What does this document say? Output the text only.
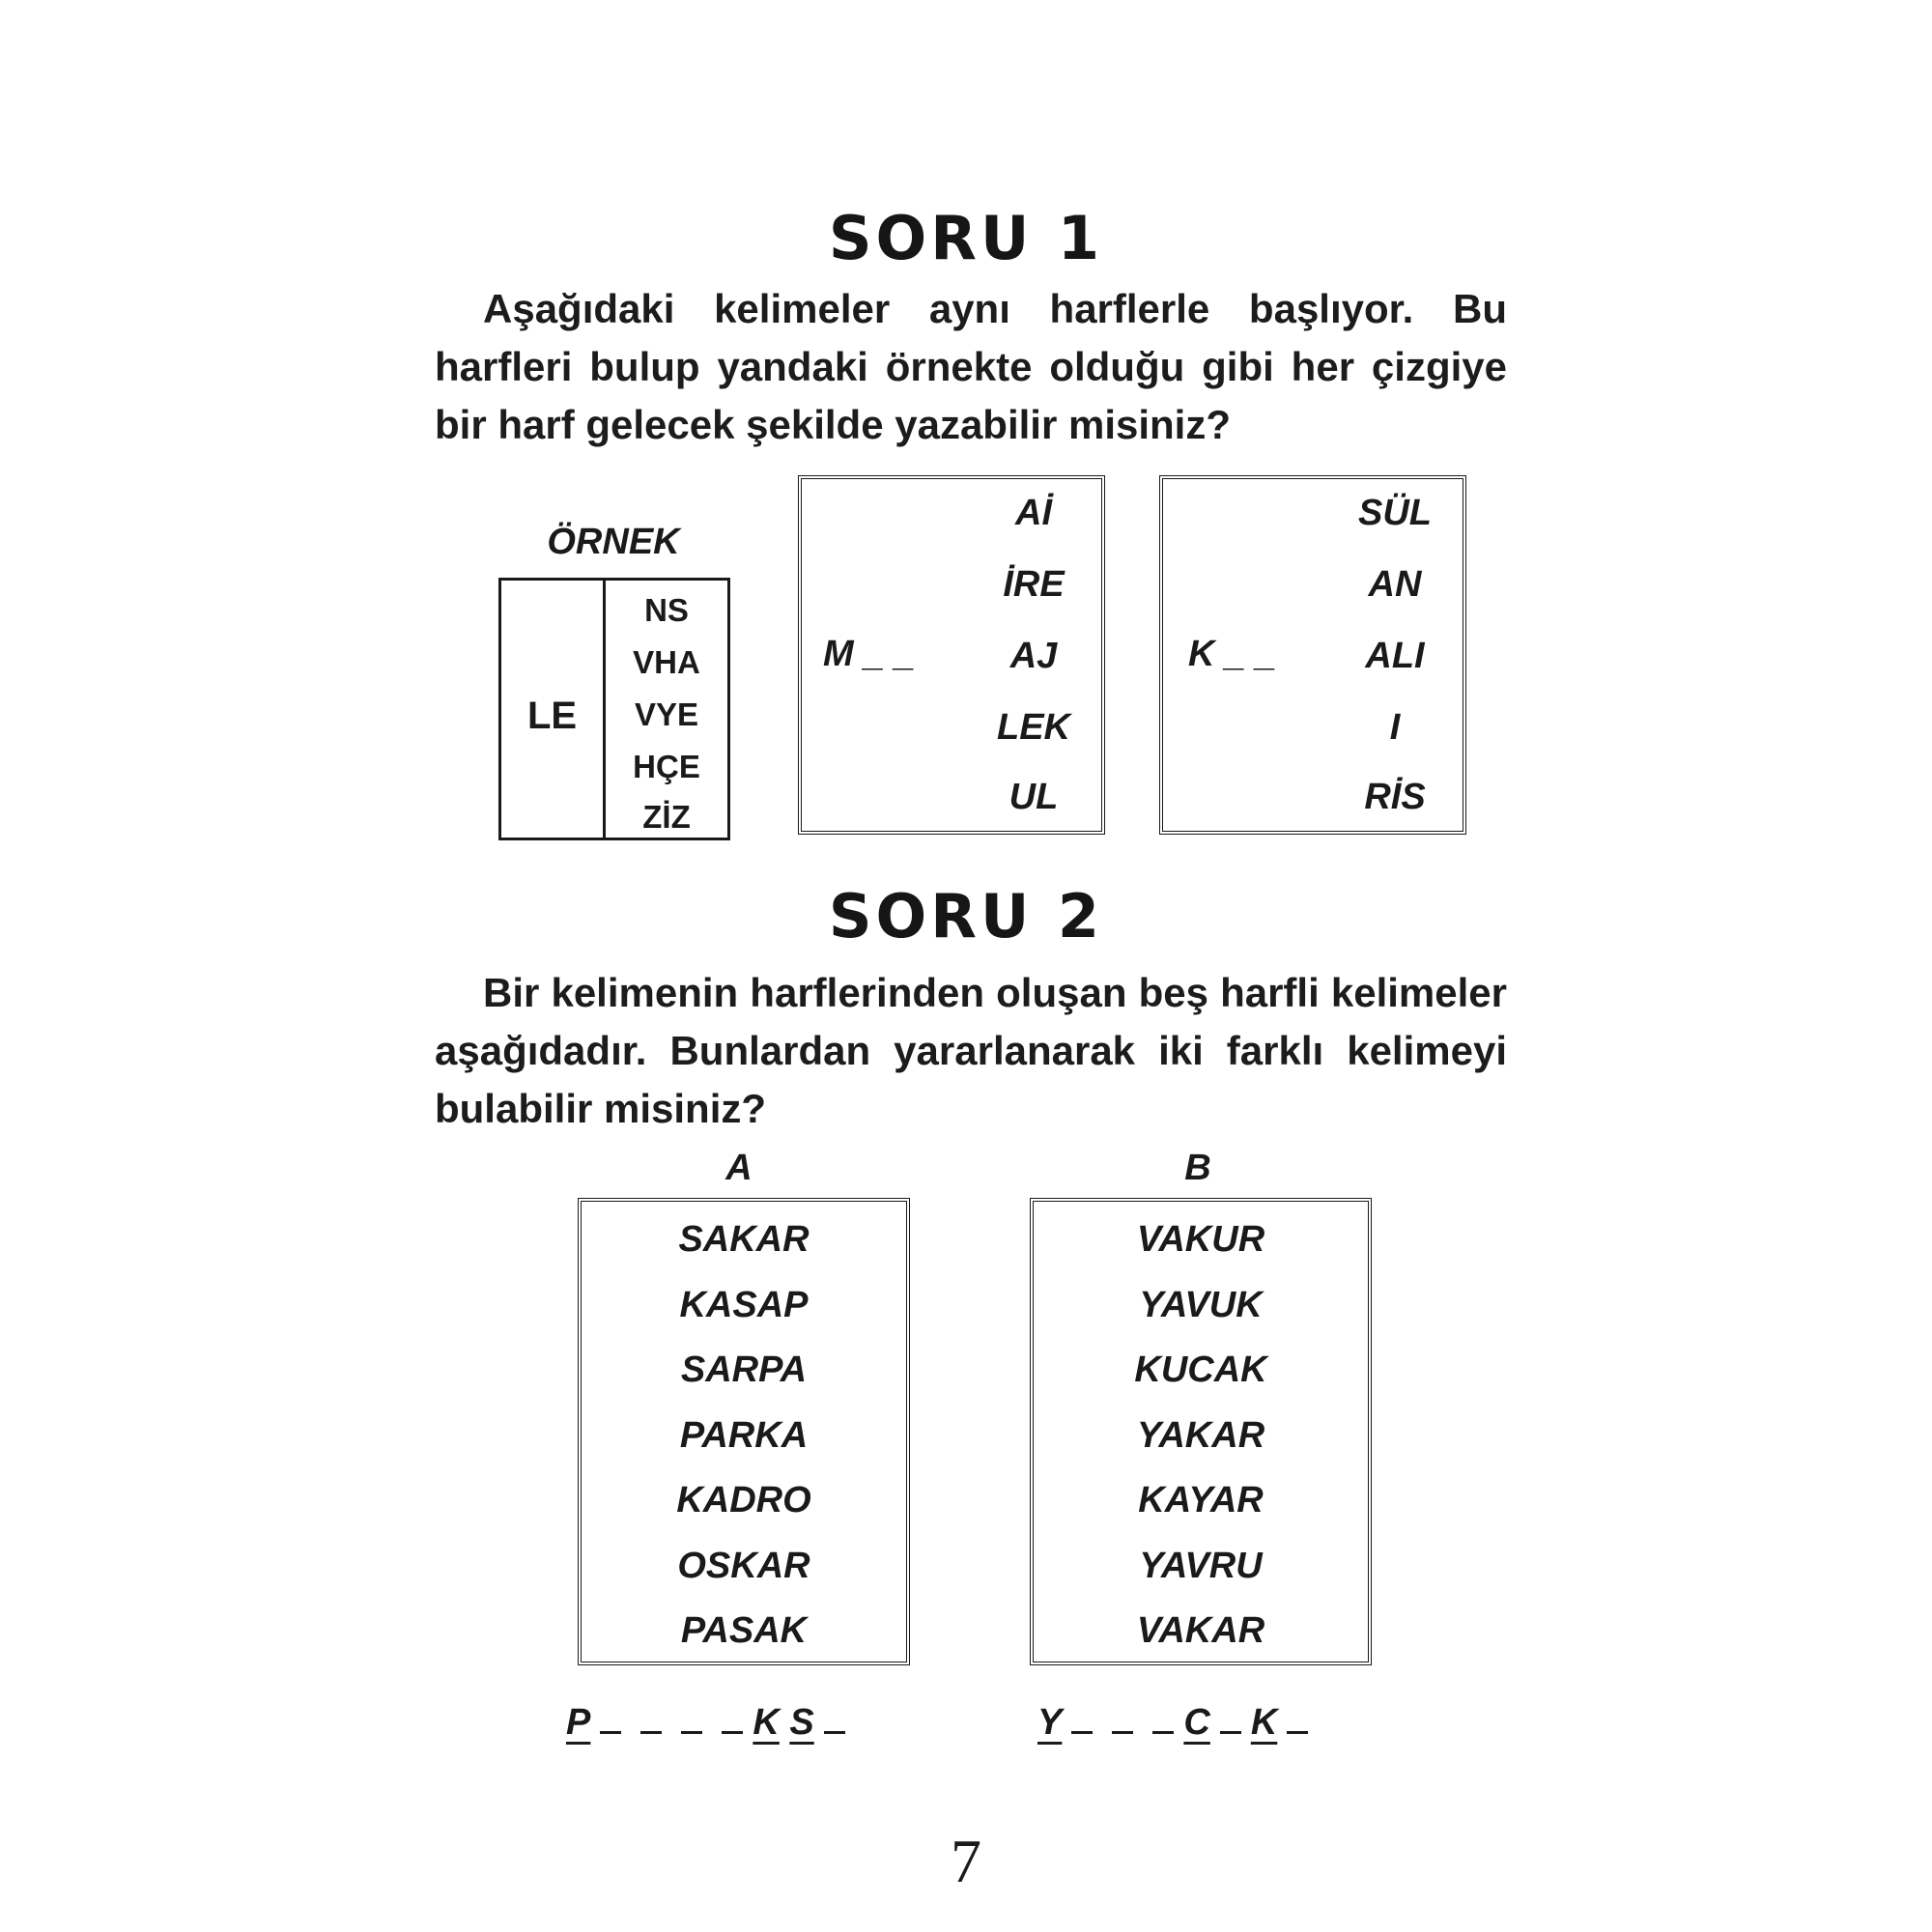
SORU 1
Aşağıdaki kelimeler aynı harflerle başlıyor. Bu harfleri bulup yandaki örnekte olduğu gibi her çizgiye bir harf gelecek şekilde yazabilir misiniz?
ÖRNEK
LE
NS
VHA
VYE
HÇE
ZİZ
M _ _
Aİ
İRE
AJ
LEK
UL
K _ _
SÜL
AN
ALI
I
RİS
SORU 2
Bir kelimenin harflerinden oluşan beş harfli kelimeler aşağıdadır. Bunlardan yararlanarak iki farklı kelimeyi bulabilir misiniz?
A
SAKAR
KASAP
SARPA
PARKA
KADRO
OSKAR
PASAK
B
VAKUR
YAVUK
KUCAK
YAKAR
KAYAR
YAVRU
VAKAR
P	K S	Y	C K
7
